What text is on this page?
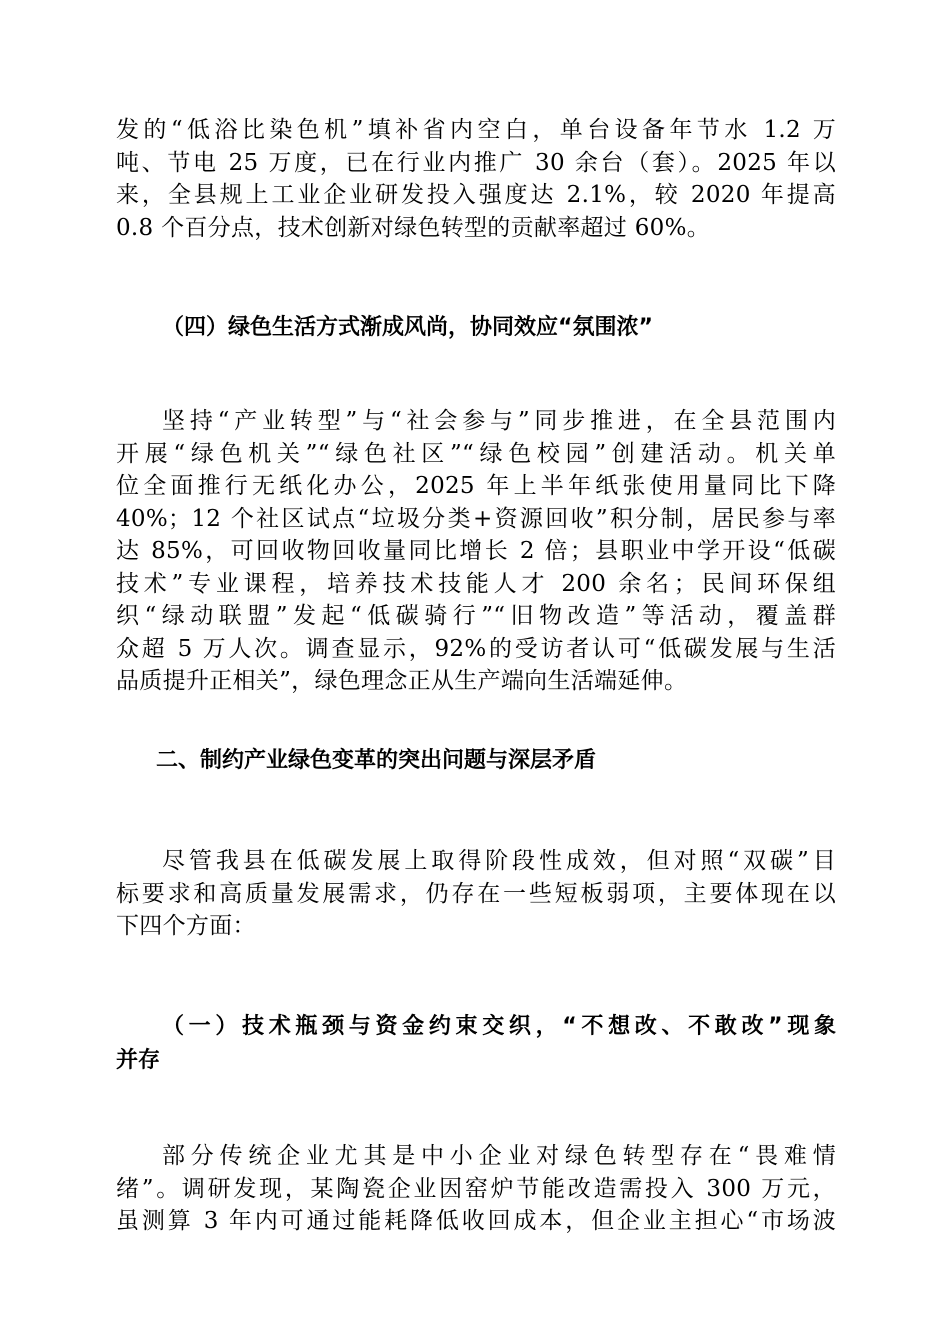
发的“低浴比染色机”填补省内空白，单台设备年节水 1.2 万
吨、节电 25 万度，已在行业内推广 30 余台（套）。2025 年以
来，全县规上工业企业研发投入强度达 2.1%，较 2020 年提高
0.8 个百分点，技术创新对绿色转型的贡献率超过 60%。
（四）绿色生活方式渐成风尚，协同效应“氛围浓”
坚持“产业转型”与“社会参与”同步推进，在全县范围内
开展“绿色机关”“绿色社区”“绿色校园”创建活动。机关单
位全面推行无纸化办公，2025 年上半年纸张使用量同比下降
40%；12 个社区试点“垃圾分类+资源回收”积分制，居民参与率
达 85%，可回收物回收量同比增长 2 倍；县职业中学开设“低碳
技术”专业课程，培养技术技能人才 200 余名；民间环保组
织“绿动联盟”发起“低碳骑行”“旧物改造”等活动，覆盖群
众超 5 万人次。调查显示，92%的受访者认可“低碳发展与生活
品质提升正相关”，绿色理念正从生产端向生活端延伸。
二、制约产业绿色变革的突出问题与深层矛盾
尽管我县在低碳发展上取得阶段性成效，但对照“双碳”目
标要求和高质量发展需求，仍存在一些短板弱项，主要体现在以
下四个方面：
（一）技术瓶颈与资金约束交织，“不想改、不敢改”现象
并存
部分传统企业尤其是中小企业对绿色转型存在“畏难情
绪”。调研发现，某陶瓷企业因窑炉节能改造需投入 300 万元，
虽测算 3 年内可通过能耗降低收回成本，但企业主担心“市场波
